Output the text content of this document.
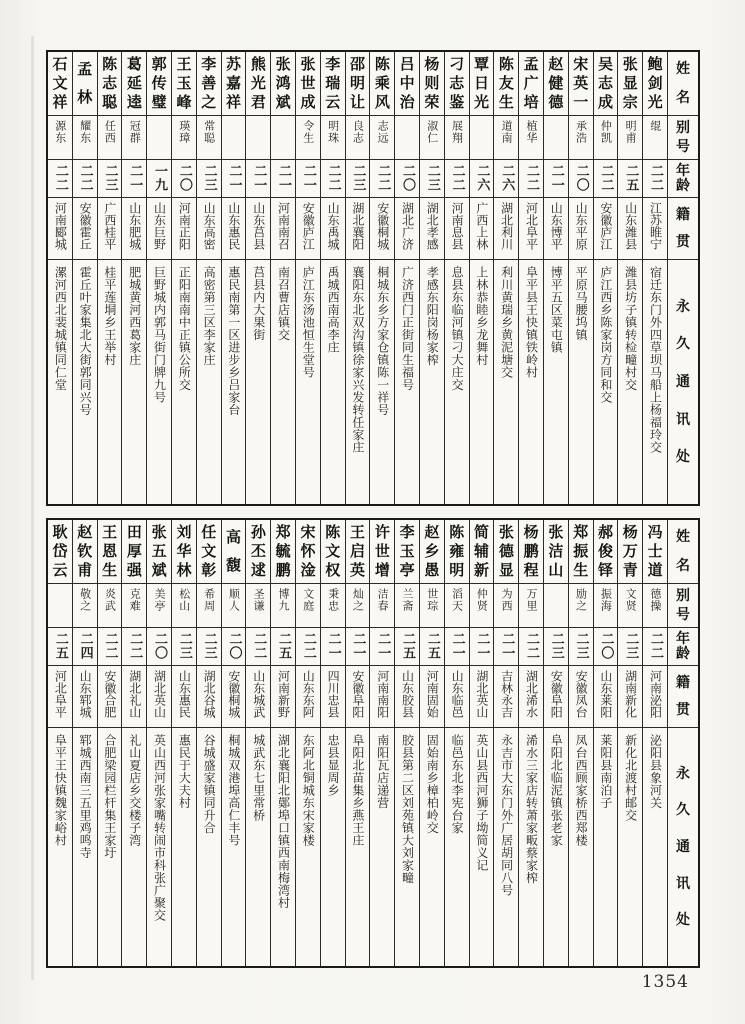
姓
名
别
号
年
龄
籍
贯
永
久
通
讯
处
鲍
剑
光
绲
二二
江苏睢宁
宿迁东门外四草坝马船上杨福玲交
张
显
宗
明甫
二五
山东潍县
潍县坊子镇转检疃村交
吴
志
成
仲凯
二二
安徽庐江
庐江西乡陈家岗方同和交
宋
英
一
承浩
二〇
山东平原
平原马腰坞镇
赵
健
德
二一
山东博平
博平五区菜屯镇
孟
广
培
植华
二二
河北阜平
阜平县王快镇铁岭村
陈
友
生
道南
二六
湖北利川
利川黄瑞乡黄泥塘交
覃
日
光
二六
广西上林
上林恭睦乡龙舞村
刁
志
鉴
展翔
二二
河南息县
息县东临河镇刁大庄交
杨
则
荣
淑仁
二三
湖北孝感
孝感东阳岗杨家榨
吕
中
治
二〇
湖北广济
广济西门正街同生福号
陈
乘
风
志远
二二
安徽桐城
桐城东乡方家仓镇陈一祥号
邵
明
让
良志
二三
湖北襄阳
襄阳东北双沟镇徐家兴发转任家庄
李
瑞
云
明珠
二二
山东禹城
禹城西南高李庄
张
世
成
令生
二一
安徽庐江
庐江东汤池恒生堂号
张
鸿
斌
二一
河南南召
南召曹店镇交
熊
光
君
二一
山东莒县
莒县内大果街
苏
嘉
祥
二一
山东惠民
惠民南第一区进步乡吕家台
李
善
之
常聪
二三
山东高密
高密第三区李家庄
王
玉
峰
瑛璋
二〇
河南正阳
正阳南南中正镇公所交
郭
传
璧
一九
山东巨野
巨野城内郭马街门牌九号
葛
延
逵
冠群
二一
山东肥城
肥城黄河西葛家庄
陈
志
聪
任西
二三
广西桂平
桂平莲垌乡王举村
孟
林
耀东
二二
安徽霍丘
霍丘叶家集北大街郭同兴号
石
文
祥
源东
二二
河南郾城
漯河西北裴城镇同仁堂
姓
名
别
号
年
龄
籍
贯
永
久
通
讯
处
冯
士
道
德操
二二
河南泌阳
泌阳县象河关
杨
万
青
文贤
二三
湖南新化
新化北渡村邮交
郝
俊
铎
振海
二〇
山东莱阳
莱阳县南泊子
郑
振
生
励之
二三
安徽凤台
凤台西顾家桥西郑楼
张
洁
山
二三
安徽阜阳
阜阳北临泥镇张老家
杨
鹏
程
万里
二二
湖北浠水
浠水三家店转萧家畈蔡家榨
张
德
显
为西
二一
吉林永吉
永吉市大东门外广居胡同八号
简
辅
新
仲贤
二一
湖北英山
英山县西河狮子坳简义记
陈
雍
明
滔天
二一
山东临邑
临邑东北李宪台家
赵
乡
愚
世琮
二五
河南固始
固始南乡樟柏岭交
李
玉
亭
兰斋
二五
山东胶县
胶县第二区刘苑镇大刘家疃
许
世
增
洁春
二一
河南南阳
南阳瓦店递营
王
启
英
灿之
二一
安徽阜阳
阜阳北苗集乡燕王庄
陈
文
权
秉忠
二一
四川忠县
忠县显周乡
宋
怀
淦
文庭
二二
山东东阿
东阿北铜城东宋家楼
郑
毓
鹏
博九
二五
河南新野
湖北襄阳北鄚埠口镇西南梅湾村
孙
丕
逑
圣谦
二二
山东城武
城武东七里常桥
高
馥
顺人
二〇
安徽桐城
桐城双港埠高仁丰号
任
文
彰
希周
二三
湖北谷城
谷城盛家镇同升合
刘
华
林
松山
二三
山东惠民
惠民于大夫村
张
五
斌
美亭
二〇
湖北英山
英山西河张家嘴转闹市科张广聚交
田
厚
强
克难
二二
湖北礼山
礼山夏店乡交楼子湾
王
恩
生
炎武
二二
安徽合肥
合肥梁园栏杆集王家圩
赵
钦
甫
敬之
二四
山东郓城
郓城西南三五里鸡鸣寺
耿
岱
云
二五
河北阜平
阜平王快镇魏家峪村
1354
